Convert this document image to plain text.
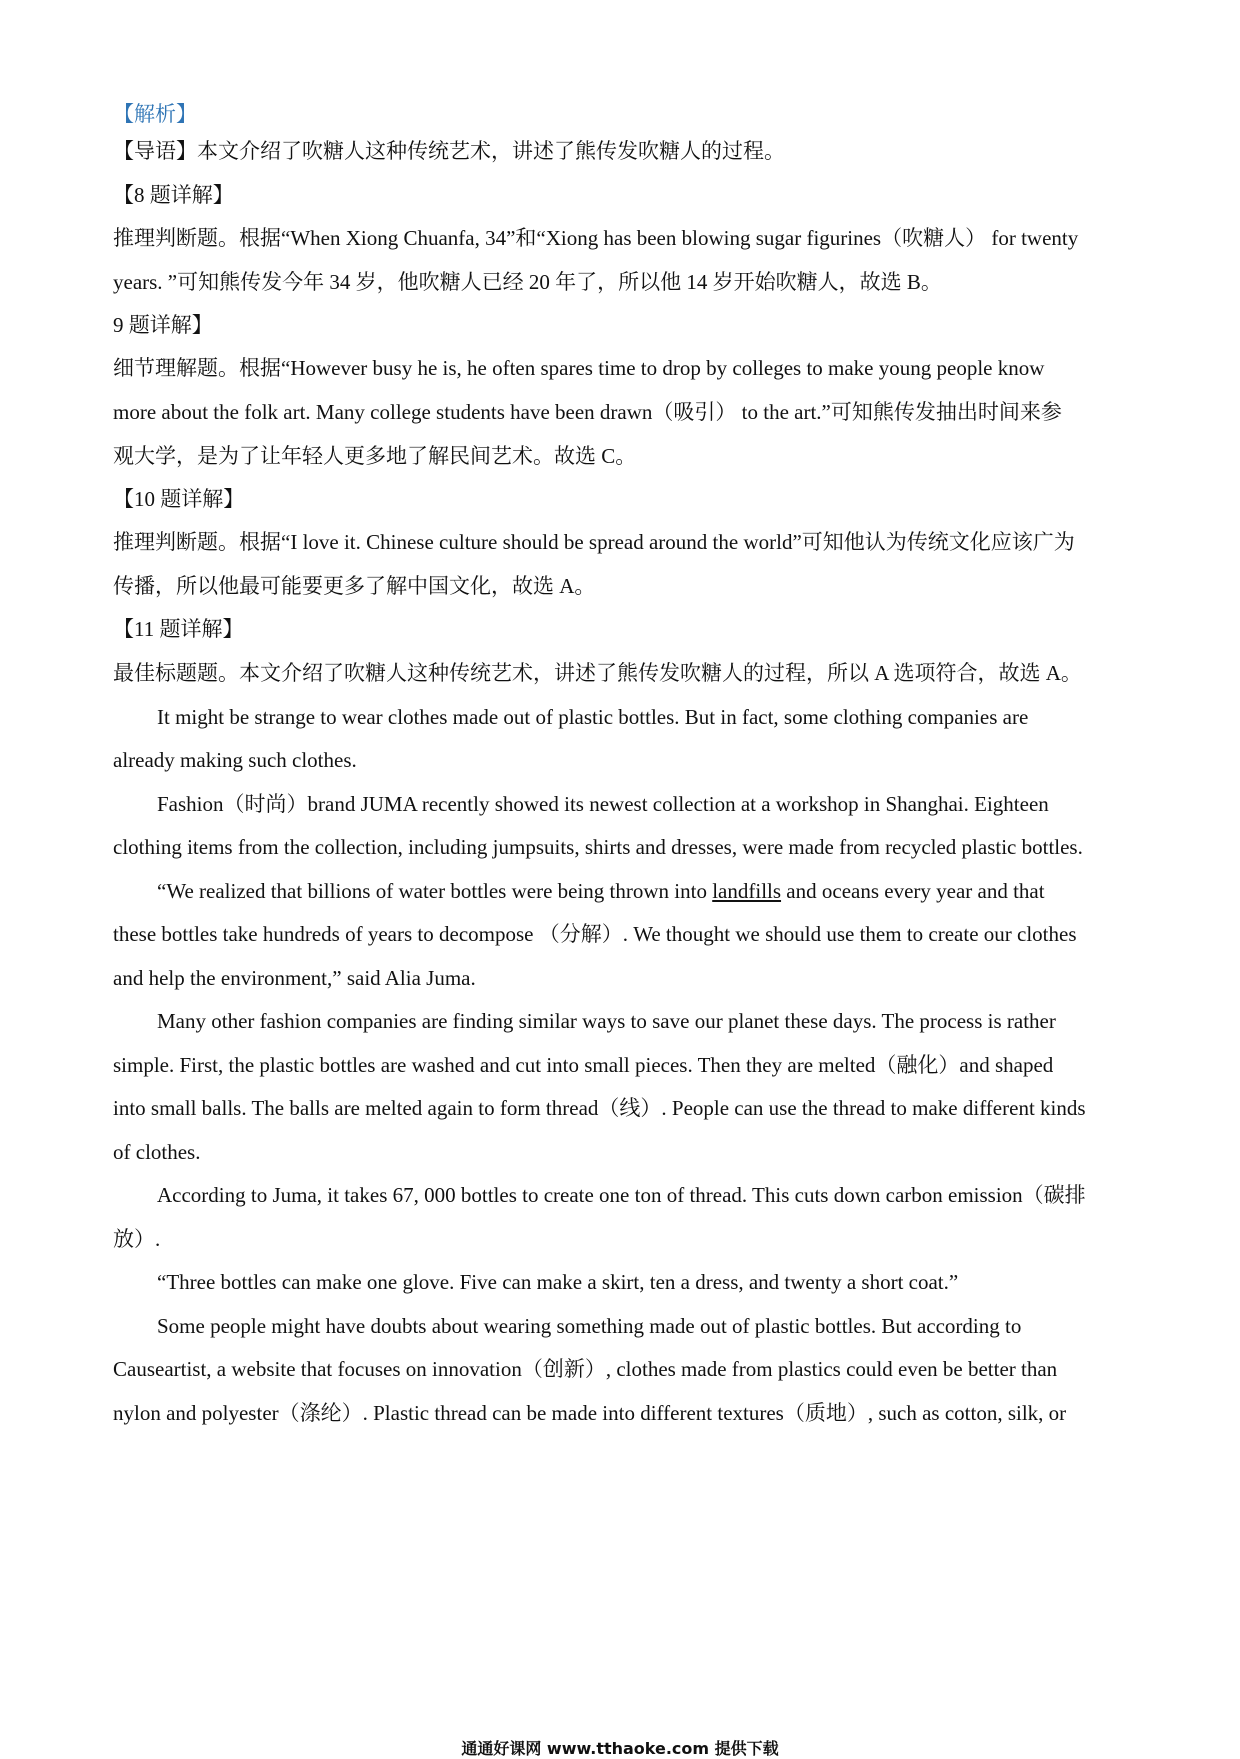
【解析】
【导语】本文介绍了吹糖人这种传统艺术，讲述了熊传发吹糖人的过程。
【8 题详解】
推理判断题。根据“When Xiong Chuanfa, 34”和“Xiong has been blowing sugar figurines（吹糖人） for twenty
years. ”可知熊传发今年 34 岁，他吹糖人已经 20 年了，所以他 14 岁开始吹糖人，故选 B。
9 题详解】
细节理解题。根据“However busy he is, he often spares time to drop by colleges to make young people know
more about the folk art. Many college students have been drawn（吸引） to the art.”可知熊传发抽出时间来参
观大学，是为了让年轻人更多地了解民间艺术。故选 C。
【10 题详解】
推理判断题。根据“I love it. Chinese culture should be spread around the world”可知他认为传统文化应该广为
传播，所以他最可能要更多了解中国文化，故选 A。
【11 题详解】
最佳标题题。本文介绍了吹糖人这种传统艺术，讲述了熊传发吹糖人的过程，所以 A 选项符合，故选 A。
It might be strange to wear clothes made out of plastic bottles. But in fact, some clothing companies are
already making such clothes.
Fashion（时尚）brand JUMA recently showed its newest collection at a workshop in Shanghai. Eighteen
clothing items from the collection, including jumpsuits, shirts and dresses, were made from recycled plastic bottles.
“We realized that billions of water bottles were being thrown into landfills and oceans every year and that
these bottles take hundreds of years to decompose （分解）. We thought we should use them to create our clothes
and help the environment,” said Alia Juma.
Many other fashion companies are finding similar ways to save our planet these days. The process is rather
simple. First, the plastic bottles are washed and cut into small pieces. Then they are melted（融化）and shaped
into small balls. The balls are melted again to form thread（线）. People can use the thread to make different kinds
of clothes.
According to Juma, it takes 67, 000 bottles to create one ton of thread. This cuts down carbon emission（碳排
放）.
“Three bottles can make one glove. Five can make a skirt, ten a dress, and twenty a short coat.”
Some people might have doubts about wearing something made out of plastic bottles. But according to
Causeartist, a website that focuses on innovation（创新）, clothes made from plastics could even be better than
nylon and polyester（涤纶）. Plastic thread can be made into different textures（质地）, such as cotton, silk, or
通通好课网 www.tthaoke.com 提供下载
